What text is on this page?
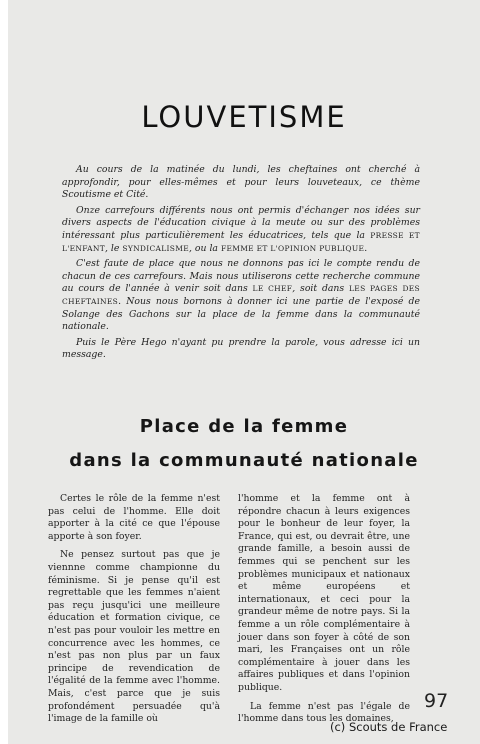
LOUVETISME

Au cours de la matinée du lundi, les cheftaines ont cherché à approfondir, pour elles-mêmes et pour leurs louveteaux, ce thème Scoutisme et Cité.

Onze carrefours différents nous ont permis d'échanger nos idées sur divers aspects de l'éducation civique à la meute ou sur des problèmes intéressant plus particulièrement les éducatrices, tels que la PRESSE ET L'ENFANT, le SYNDICALISME, ou la FEMME ET L'OPINION PUBLIQUE.

C'est faute de place que nous ne donnons pas ici le compte rendu de chacun de ces carrefours. Mais nous utiliserons cette recherche commune au cours de l'année à venir soit dans LE CHEF, soit dans LES PAGES DES CHEFTAINES. Nous nous bornons à donner ici une partie de l'exposé de Solange des Gachons sur la place de la femme dans la communauté nationale.

Puis le Père Hego n'ayant pu prendre la parole, vous adresse ici un message.

Place de la femme
dans la communauté nationale

Certes le rôle de la femme n'est pas celui de l'homme. Elle doit apporter à la cité ce que l'épouse apporte à son foyer.

Ne pensez surtout pas que je viennne comme championne du féminisme. Si je pense qu'il est regrettable que les femmes n'aient pas reçu jusqu'ici une meilleure éducation et formation civique, ce n'est pas pour vouloir les mettre en concurrence avec les hommes, ce n'est pas non plus par un faux principe de revendication de l'égalité de la femme avec l'homme. Mais, c'est parce que je suis profondément persuadée qu'à l'image de la famille où

l'homme et la femme ont à répondre chacun à leurs exigences pour le bonheur de leur foyer, la France, qui est, ou devrait être, une grande famille, a besoin aussi de femmes qui se penchent sur les problèmes municipaux et nationaux et même européens et internationaux, et ceci pour la grandeur même de notre pays. Si la femme a un rôle complémentaire à jouer dans son foyer à côté de son mari, les Françaises ont un rôle complémentaire à jouer dans les affaires publiques et dans l'opinion publique.

La femme n'est pas l'égale de l'homme dans tous les domaines,

97
(c) Scouts de France
